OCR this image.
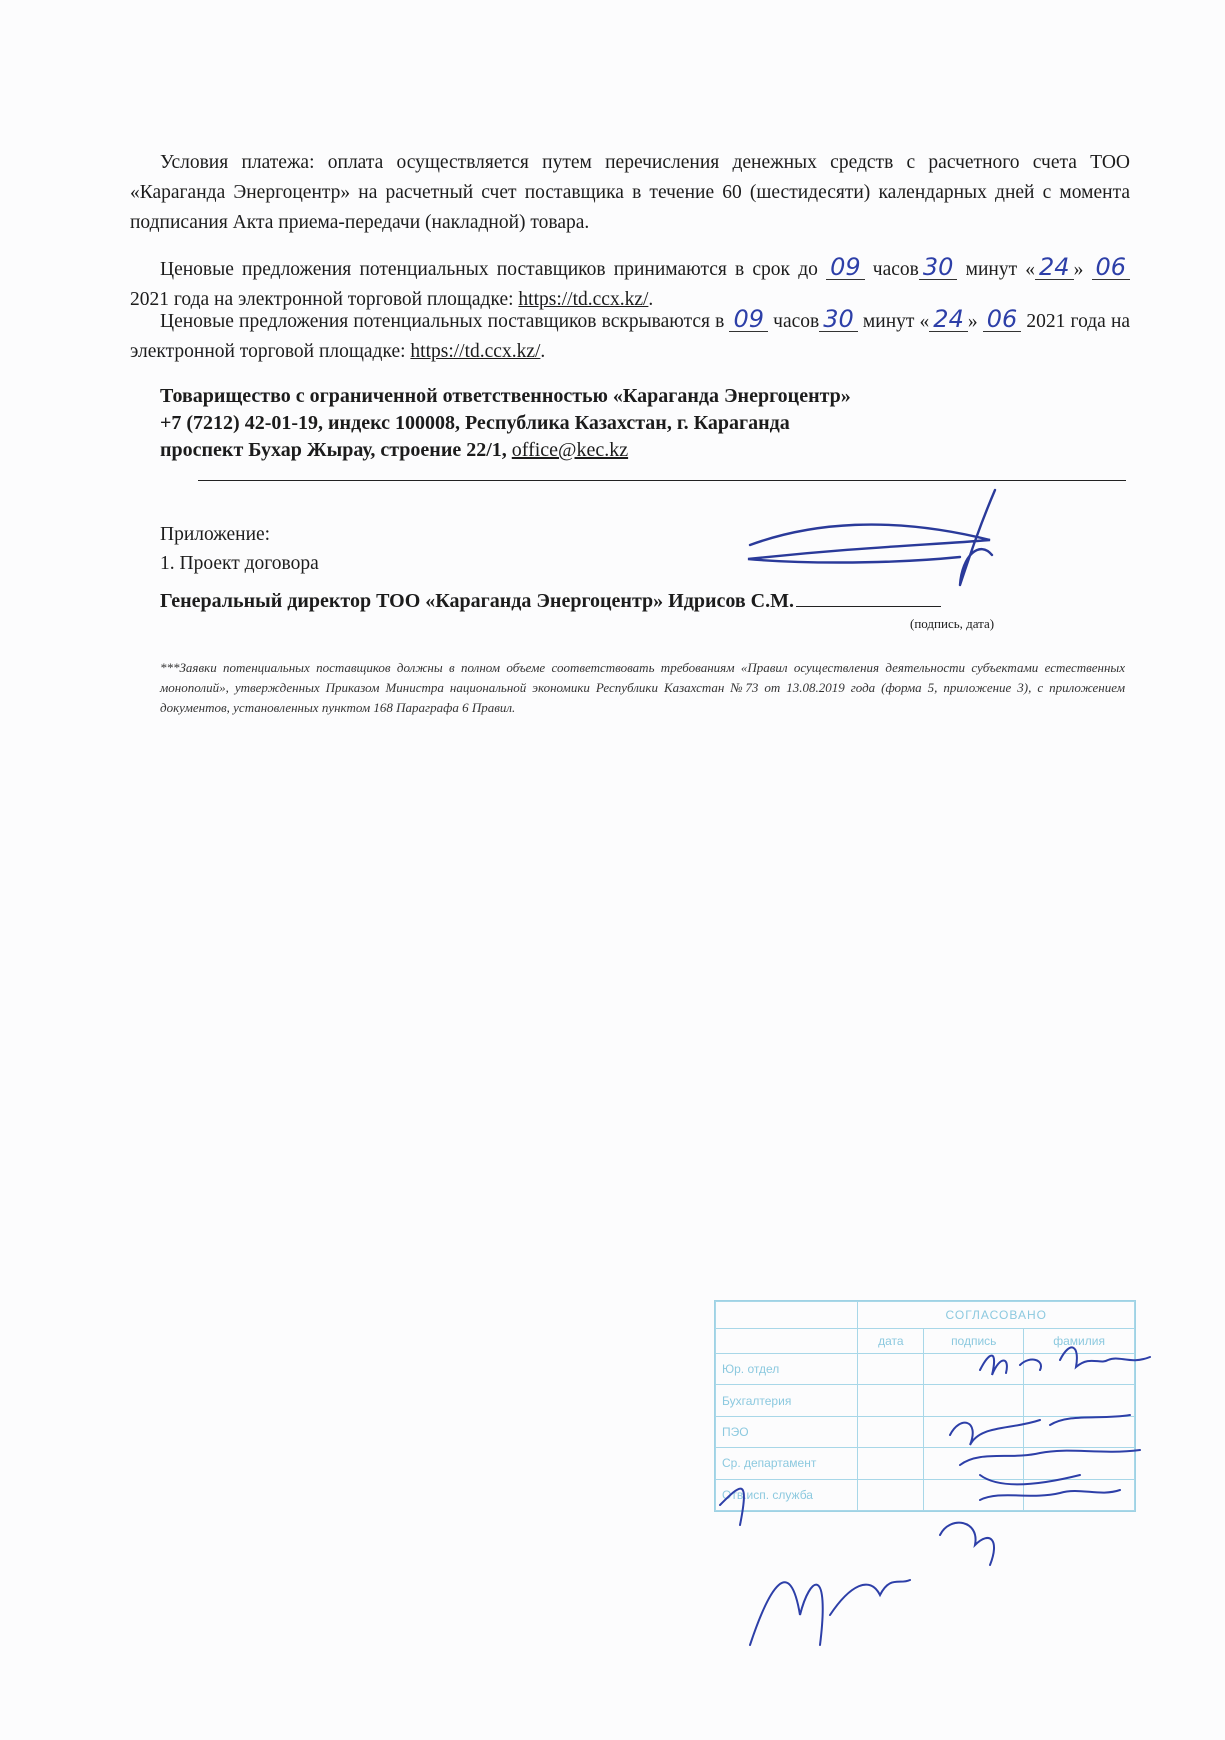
Условия платежа: оплата осуществляется путем перечисления денежных средств с расчетного счета ТОО «Караганда Энергоцентр» на расчетный счет поставщика в течение 60 (шестидесяти) календарных дней с момента подписания Акта приема-передачи (накладной) товара.
Ценовые предложения потенциальных поставщиков принимаются в срок до 09 часов 30 минут « 24 » 06 2021 года на электронной торговой площадке: https://td.ccx.kz/.
Ценовые предложения потенциальных поставщиков вскрываются в 09 часов 30 минут « 24 » 06 2021 года на электронной торговой площадке: https://td.ccx.kz/.
Товарищество с ограниченной ответственностью «Караганда Энергоцентр»
+7 (7212) 42-01-19, индекс 100008, Республика Казахстан, г. Караганда
проспект Бухар Жырау, строение 22/1, office@kec.kz
Приложение:
1. Проект договора
Генеральный директор ТОО «Караганда Энергоцентр» Идрисов С.М.
(подпись, дата)
***Заявки потенциальных поставщиков должны в полном объеме соответствовать требованиям «Правил осуществления деятельности субъектами естественных монополий», утвержденных Приказом Министра национальной экономики Республики Казахстан №73 от 13.08.2019 года (форма 5, приложение 3), с приложением документов, установленных пунктом 168 Параграфа 6 Правил.
	СОГЛАСОВАНО		
	дата	подпись	фамилия
Юр. отдел			
Бухгалтерия			
ПЭО			
Ср. департамент			
Отв.исп. служба			
